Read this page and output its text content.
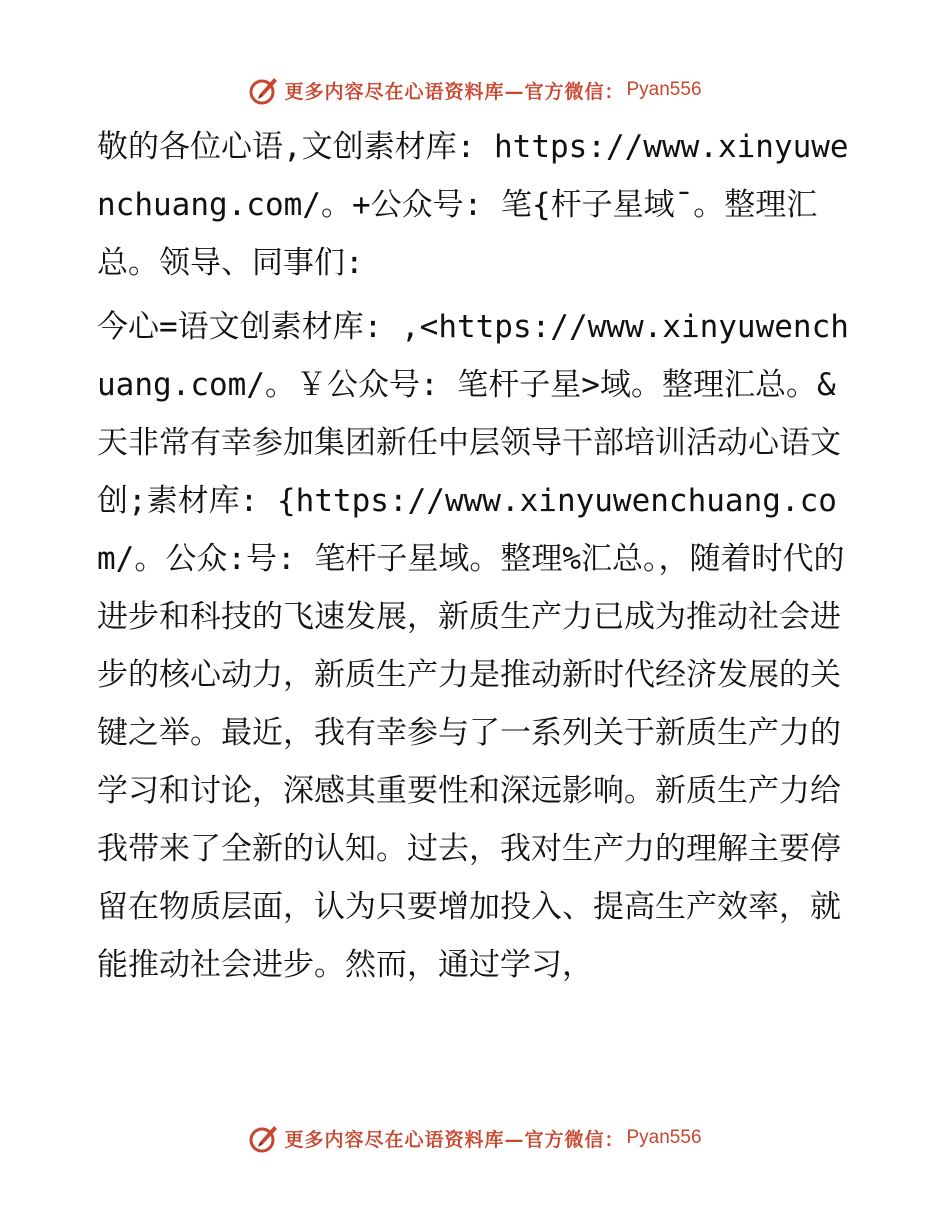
更多内容尽在心语资料库—官方微信： Pyan556

敬的各位心语,文创素材库: https://www.xinyuwenchuang.com/。+公众号: 笔{杆子星域¯。整理汇总。领导、同事们:

今心=语文创素材库: ,<https://www.xinyuwenchuang.com/。￥公众号: 笔杆子星>域。整理汇总。&天非常有幸参加集团新任中层领导干部培训活动心语文创;素材库: {https://www.xinyuwenchuang.com/。公众:号: 笔杆子星域。整理%汇总。，随着时代的进步和科技的飞速发展，新质生产力已成为推动社会进步的核心动力，新质生产力是推动新时代经济发展的关键之举。最近，我有幸参与了一系列关于新质生产力的学习和讨论，深感其重要性和深远影响。新质生产力给我带来了全新的认知。过去，我对生产力的理解主要停留在物质层面，认为只要增加投入、提高生产效率，就能推动社会进步。然而，通过学习，

更多内容尽在心语资料库—官方微信： Pyan556
